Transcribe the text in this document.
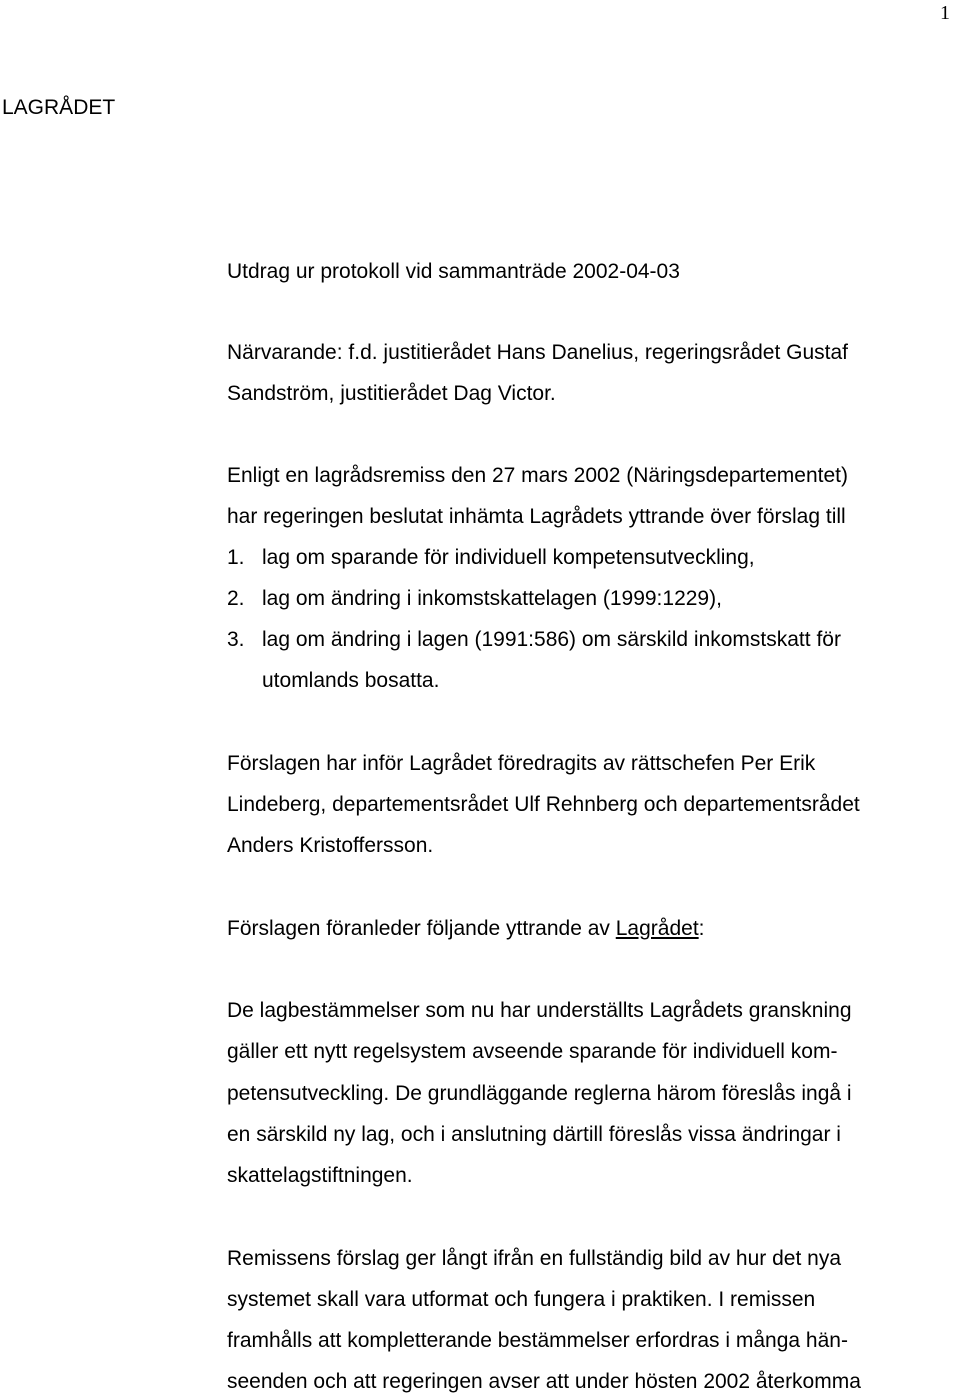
1
LAGRÅDET
Utdrag ur protokoll vid sammanträde 2002-04-03
Närvarande: f.d. justitierådet Hans Danelius, regeringsrådet Gustaf
Sandström, justitierådet Dag Victor.
Enligt en lagrådsremiss den 27 mars 2002 (Näringsdepartementet)
har regeringen beslutat inhämta Lagrådets yttrande över förslag till
1. lag om sparande för individuell kompetensutveckling,
2. lag om ändring i inkomstskattelagen (1999:1229),
3. lag om ändring i lagen (1991:586) om särskild inkomstskatt för
utomlands bosatta.
Förslagen har inför Lagrådet föredragits av rättschefen Per Erik
Lindeberg, departementsrådet Ulf Rehnberg och departementsrådet
Anders Kristoffersson.
Förslagen föranleder följande yttrande av Lagrådet:
De lagbestämmelser som nu har underställts Lagrådets granskning
gäller ett nytt regelsystem avseende sparande för individuell kom-
petensutveckling. De grundläggande reglerna härom föreslås ingå i
en särskild ny lag, och i anslutning därtill föreslås vissa ändringar i
skattelagstiftningen.
Remissens förslag ger långt ifrån en fullständig bild av hur det nya
systemet skall vara utformat och fungera i praktiken. I remissen
framhålls att kompletterande bestämmelser erfordras i många hän-
seenden och att regeringen avser att under hösten 2002 återkomma
